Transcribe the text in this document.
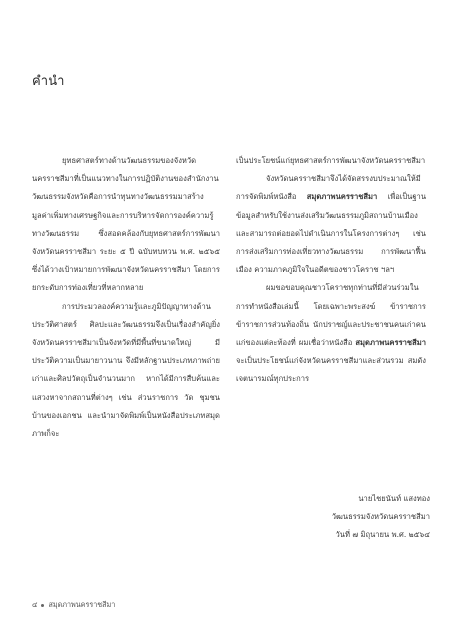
คำนำ

ยุทธศาสตร์ทางด้านวัฒนธรรมของจังหวัดนครราชสีมาที่เป็นแนวทางในการปฏิบัติงานของสำนักงานวัฒนธรรมจังหวัดคือการนำทุนทางวัฒนธรรมมาสร้างมูลค่าเพิ่มทางเศรษฐกิจและการบริหารจัดการองค์ความรู้ทางวัฒนธรรม ซึ่งสอดคล้องกับยุทธศาสตร์การพัฒนาจังหวัดนครราชสีมา ระยะ ๕ ปี ฉบับทบทวน พ.ศ. ๒๕๖๕ ซึ่งได้วางเป้าหมายการพัฒนาจังหวัดนครราชสีมา โดยการยกระดับการท่องเที่ยวที่หลากหลาย

การประมวลองค์ความรู้และภูมิปัญญาทางด้านประวัติศาสตร์ ศิลปะและวัฒนธรรมจึงเป็นเรื่องสำคัญยิ่ง จังหวัดนครราชสีมาเป็นจังหวัดที่มีพื้นที่ขนาดใหญ่ มีประวัติความเป็นมายาวนาน จึงมีหลักฐานประเภทภาพถ่ายเก่าและศิลปวัตถุเป็นจำนวนมาก หากได้มีการสืบค้นและแสวงหาจากสถานที่ต่างๆ เช่น ส่วนราชการ วัด ชุมชน บ้านของเอกชน และนำมาจัดพิมพ์เป็นหนังสือประเภทสมุดภาพก็จะ

เป็นประโยชน์แก่ยุทธศาสตร์การพัฒนาจังหวัดนครราชสีมา

จังหวัดนครราชสีมาจึงได้จัดสรรงบประมาณให้มีการจัดพิมพ์หนังสือ สมุดภาพนครราชสีมา เพื่อเป็นฐานข้อมูลสำหรับใช้งานส่งเสริมวัฒนธรรมภูมิสถานบ้านเมือง และสามารถต่อยอดไปดำเนินการในโครงการต่างๆ เช่น การส่งเสริมการท่องเที่ยวทางวัฒนธรรม การพัฒนาฟื้นเมือง ความภาคภูมิใจในอดีตของชาวโคราช ฯลฯ

ผมขอขอบคุณชาวโคราชทุกท่านที่มีส่วนร่วมในการทำหนังสือเล่มนี้ โดยเฉพาะพระสงฆ์ ข้าราชการ ข้าราชการส่วนท้องถิ่น นักปราชญ์และประชาชนคนเก่าคนแก่ของแต่ละท้องที่ ผมเชื่อว่าหนังสือ สมุดภาพนครราชสีมา จะเป็นประโยชน์แก่จังหวัดนครราชสีมาและส่วนรวม สมดังเจตนารมณ์ทุกประการ

นายไชยนันท์ แสงทอง
วัฒนธรรมจังหวัดนครราชสีมา
วันที่ ๗ มิถุนายน พ.ศ. ๒๕๖๔
๔ สมุดภาพนครราชสีมา
